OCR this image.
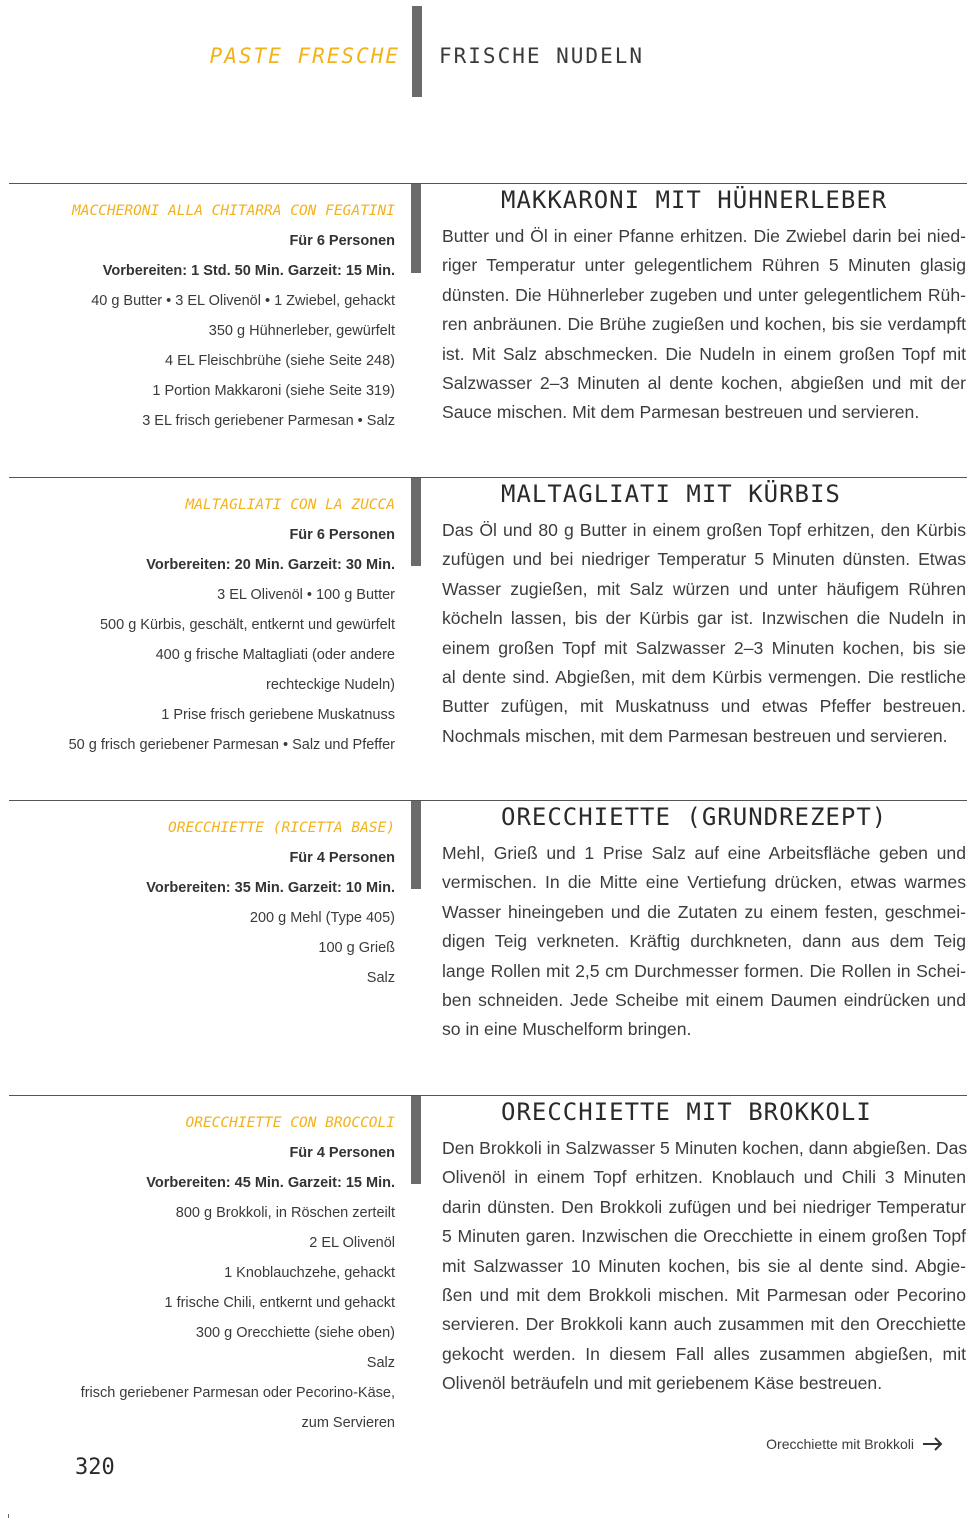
PASTE FRESCHE FRISCHE NUDELN
MACCHERONI ALLA CHITARRA CON FEGATINI
Für 6 Personen
Vorbereiten: 1 Std. 50 Min. Garzeit: 15 Min.
40 g Butter • 3 EL Olivenöl • 1 Zwiebel, gehackt
350 g Hühnerleber, gewürfelt
4 EL Fleischbrühe (siehe Seite 248)
1 Portion Makkaroni (siehe Seite 319)
3 EL frisch geriebener Parmesan • Salz
MAKKARONI MIT HÜHNERLEBER
Butter und Öl in einer Pfanne erhitzen. Die Zwiebel darin bei nied-
riger Temperatur unter gelegentlichem Rühren 5 Minuten glasig
dünsten. Die Hühnerleber zugeben und unter gelegentlichem Rüh-
ren anbräunen. Die Brühe zugießen und kochen, bis sie verdampft
ist. Mit Salz abschmecken. Die Nudeln in einem großen Topf mit
Salzwasser 2–3 Minuten al dente kochen, abgießen und mit der
Sauce mischen. Mit dem Parmesan bestreuen und servieren.
MALTAGLIATI CON LA ZUCCA
Für 6 Personen
Vorbereiten: 20 Min. Garzeit: 30 Min.
3 EL Olivenöl • 100 g Butter
500 g Kürbis, geschält, entkernt und gewürfelt
400 g frische Maltagliati (oder andere
rechteckige Nudeln)
1 Prise frisch geriebene Muskatnuss
50 g frisch geriebener Parmesan • Salz und Pfeffer
MALTAGLIATI MIT KÜRBIS
Das Öl und 80 g Butter in einem großen Topf erhitzen, den Kürbis
zufügen und bei niedriger Temperatur 5 Minuten dünsten. Etwas
Wasser zugießen, mit Salz würzen und unter häufigem Rühren
köcheln lassen, bis der Kürbis gar ist. Inzwischen die Nudeln in
einem großen Topf mit Salzwasser 2–3 Minuten kochen, bis sie
al dente sind. Abgießen, mit dem Kürbis vermengen. Die restliche
Butter zufügen, mit Muskatnuss und etwas Pfeffer bestreuen.
Nochmals mischen, mit dem Parmesan bestreuen und servieren.
ORECCHIETTE (RICETTA BASE)
Für 4 Personen
Vorbereiten: 35 Min. Garzeit: 10 Min.
200 g Mehl (Type 405)
100 g Grieß
Salz
ORECCHIETTE (GRUNDREZEPT)
Mehl, Grieß und 1 Prise Salz auf eine Arbeitsfläche geben und
vermischen. In die Mitte eine Vertiefung drücken, etwas warmes
Wasser hineingeben und die Zutaten zu einem festen, geschmei-
digen Teig verkneten. Kräftig durchkneten, dann aus dem Teig
lange Rollen mit 2,5 cm Durchmesser formen. Die Rollen in Schei-
ben schneiden. Jede Scheibe mit einem Daumen eindrücken und
so in eine Muschelform bringen.
ORECCHIETTE CON BROCCOLI
Für 4 Personen
Vorbereiten: 45 Min. Garzeit: 15 Min.
800 g Brokkoli, in Röschen zerteilt
2 EL Olivenöl
1 Knoblauchzehe, gehackt
1 frische Chili, entkernt und gehackt
300 g Orecchiette (siehe oben)
Salz
frisch geriebener Parmesan oder Pecorino-Käse,
zum Servieren
ORECCHIETTE MIT BROKKOLI
Den Brokkoli in Salzwasser 5 Minuten kochen, dann abgießen. Das
Olivenöl in einem Topf erhitzen. Knoblauch und Chili 3 Minuten
darin dünsten. Den Brokkoli zufügen und bei niedriger Temperatur
5 Minuten garen. Inzwischen die Orecchiette in einem großen Topf
mit Salzwasser 10 Minuten kochen, bis sie al dente sind. Abgie-
ßen und mit dem Brokkoli mischen. Mit Parmesan oder Pecorino
servieren. Der Brokkoli kann auch zusammen mit den Orecchiette
gekocht werden. In diesem Fall alles zusammen abgießen, mit
Olivenöl beträufeln und mit geriebenem Käse bestreuen.
Orecchiette mit Brokkoli
320
